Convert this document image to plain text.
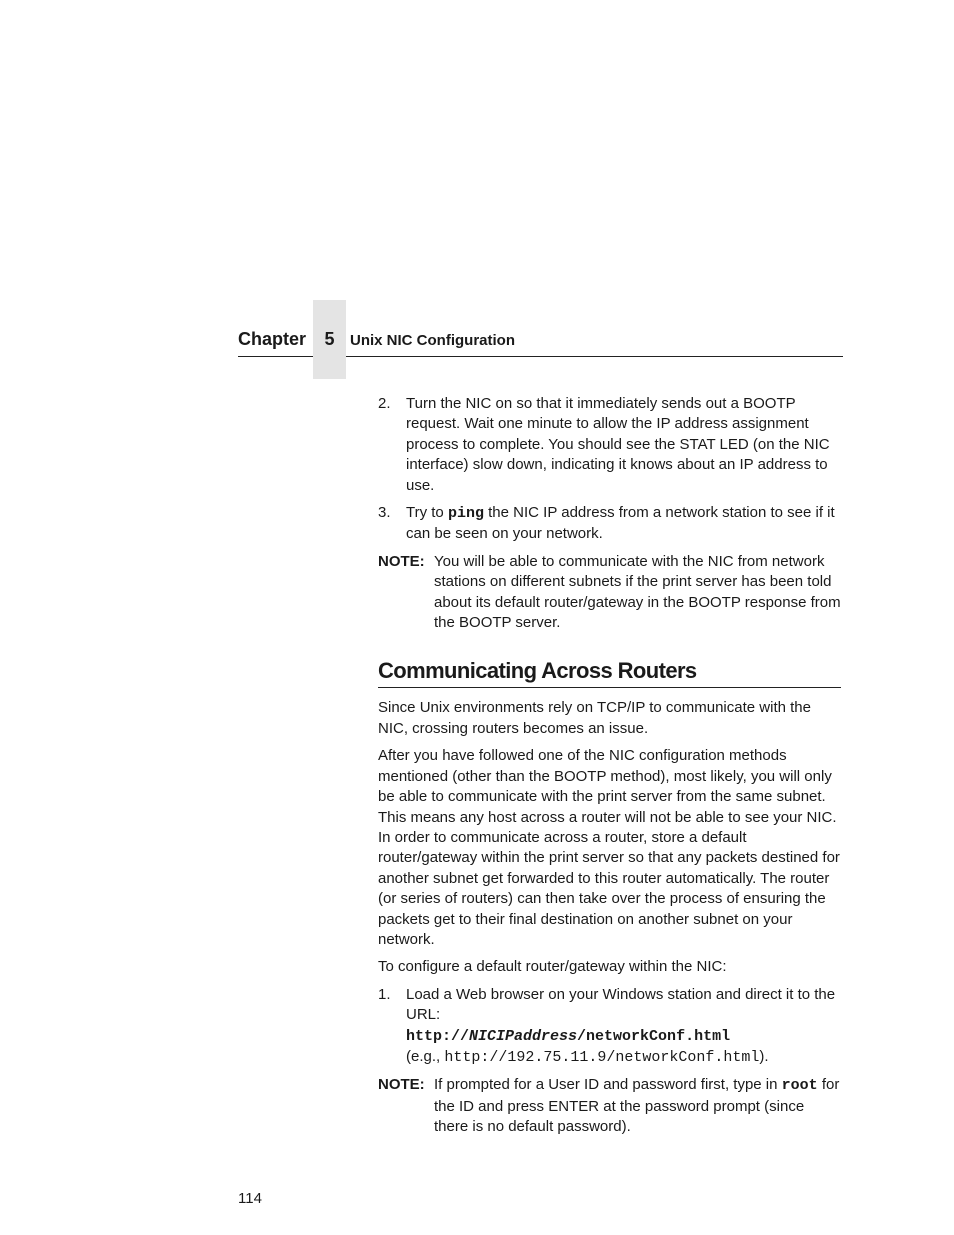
Chapter	5	Unix NIC Configuration
2. Turn the NIC on so that it immediately sends out a BOOTP request. Wait one minute to allow the IP address assignment process to complete. You should see the STAT LED (on the NIC interface) slow down, indicating it knows about an IP address to use.
3. Try to ping the NIC IP address from a network station to see if it can be seen on your network.
NOTE: You will be able to communicate with the NIC from network stations on different subnets if the print server has been told about its default router/gateway in the BOOTP response from the BOOTP server.
Communicating Across Routers

Since Unix environments rely on TCP/IP to communicate with the NIC, crossing routers becomes an issue.

After you have followed one of the NIC configuration methods mentioned (other than the BOOTP method), most likely, you will only be able to communicate with the print server from the same subnet. This means any host across a router will not be able to see your NIC. In order to communicate across a router, store a default router/gateway within the print server so that any packets destined for another subnet get forwarded to this router automatically. The router (or series of routers) can then take over the process of ensuring the packets get to their final destination on another subnet on your network.

To configure a default router/gateway within the NIC:

1. Load a Web browser on your Windows station and direct it to the URL:
http://NICIPaddress/networkConf.html
(e.g., http://192.75.11.9/networkConf.html).
NOTE: If prompted for a User ID and password first, type in root for the ID and press ENTER at the password prompt (since there is no default password).
114
